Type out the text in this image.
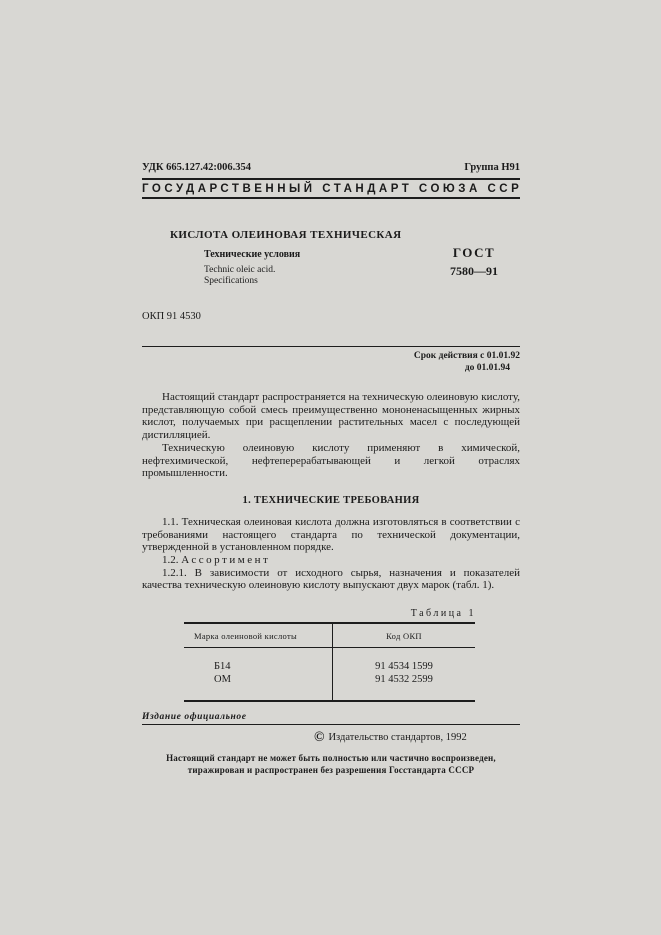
УДК 665.127.42:006.354	Группа Н91
ГОСУДАРСТВЕННЫЙ СТАНДАРТ СОЮЗА ССР
КИСЛОТА ОЛЕИНОВАЯ ТЕХНИЧЕСКАЯ
Технические условия
Technic oleic acid.
Specifications
ГОСТ
7580—91
ОКП 91 4530
Срок действия с 01.01.92
до 01.01.94

Настоящий стандарт распространяется на техническую олеиновую кислоту, представляющую собой смесь преимущественно мононенасыщенных жирных кислот, получаемых при расщеплении растительных масел с последующей дистилляцией.

Техническую олеиновую кислоту применяют в химической, нефтехимической, нефтеперерабатывающей и легкой отраслях промышленности.

1. ТЕХНИЧЕСКИЕ ТРЕБОВАНИЯ

1.1. Техническая олеиновая кислота должна изготовляться в соответствии с требованиями настоящего стандарта по технической документации, утвержденной в установленном порядке.

1.2. Ассортимент

1.2.1. В зависимости от исходного сырья, назначения и показателей качества техническую олеиновую кислоту выпускают двух марок (табл. 1).

Таблица 1
Марка олеиновой кислоты	Код ОКП
Б14	91 4534 1599
ОМ	91 4532 2599
Издание официальное
© Издательство стандартов, 1992
Настоящий стандарт не может быть полностью или частично воспроизведен,
тиражирован и распространен без разрешения Госстандарта СССР
